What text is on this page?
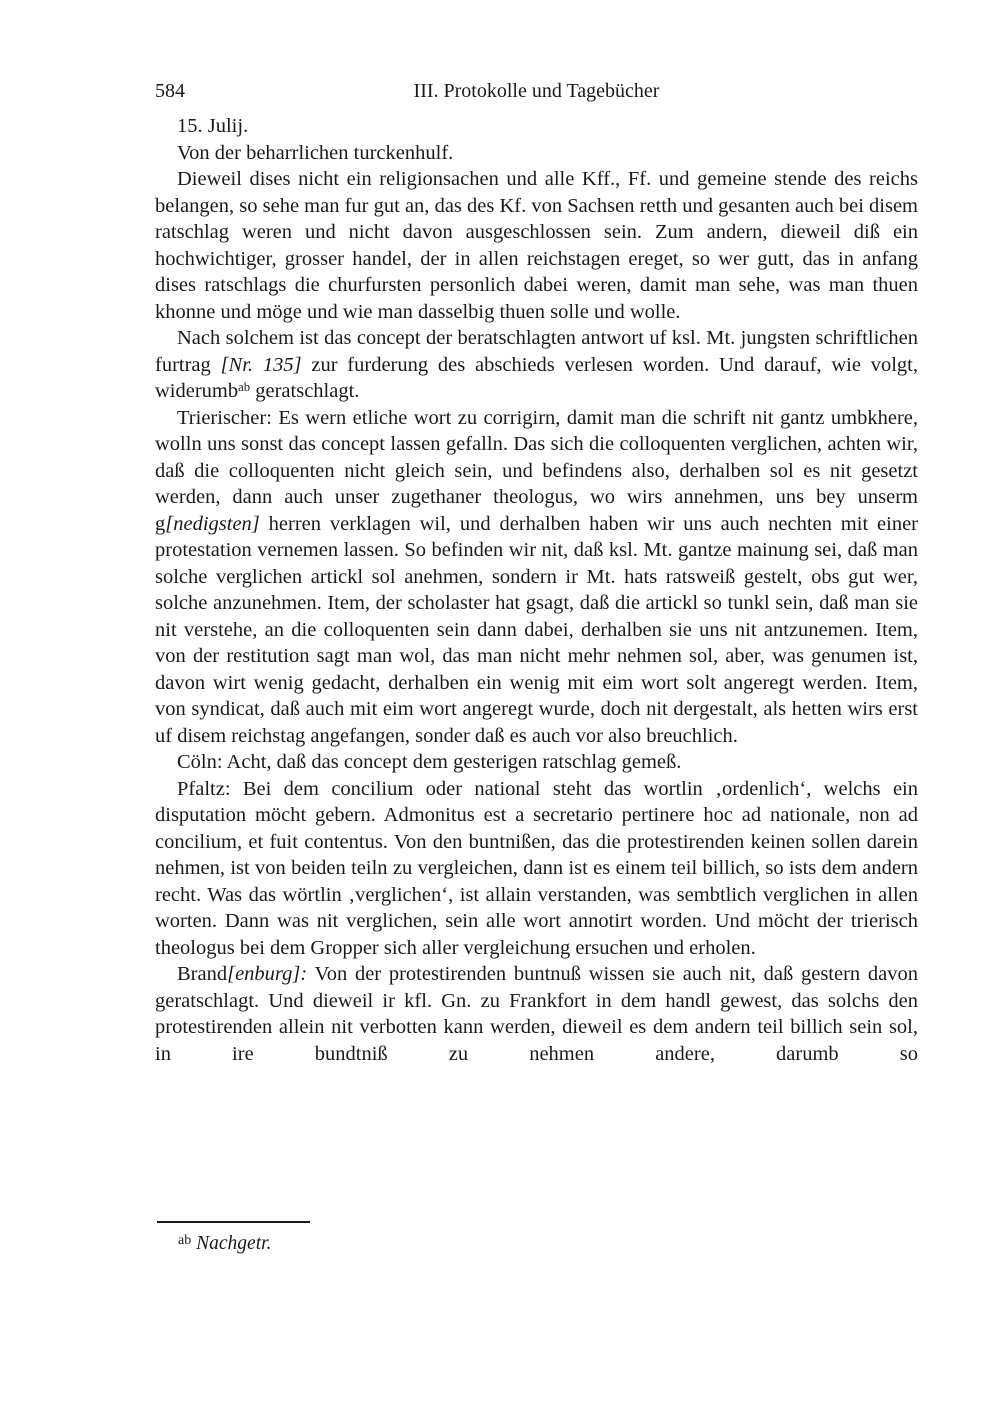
584	III. Protokolle und Tagebücher

15. Julij.

Von der beharrlichen turckenhulf.

Dieweil dises nicht ein religionsachen und alle Kff., Ff. und gemeine stende des reichs belangen, so sehe man fur gut an, das des Kf. von Sachsen retth und gesanten auch bei disem ratschlag weren und nicht davon ausgeschlossen sein. Zum andern, dieweil diß ein hochwichtiger, grosser handel, der in allen reichstagen ereget, so wer gutt, das in anfang dises ratschlags die churfursten personlich dabei weren, damit man sehe, was man thuen khonne und möge und wie man dasselbig thuen solle und wolle.

Nach solchem ist das concept der beratschlagten antwort uf ksl. Mt. jungsten schriftlichen furtrag [Nr. 135] zur furderung des abschieds verlesen worden. Und darauf, wie volgt, widerumb$^{ab}$ geratschlagt.

Trierischer: Es wern etliche wort zu corrigirn, damit man die schrift nit gantz umbkhere, wolln uns sonst das concept lassen gefalln. Das sich die colloquenten verglichen, achten wir, daß die colloquenten nicht gleich sein, und befindens also, derhalben sol es nit gesetzt werden, dann auch unser zugethaner theologus, wo wirs annehmen, uns bey unserm g[nedigsten] herren verklagen wil, und derhalben haben wir uns auch nechten mit einer protestation vernemen lassen. So befinden wir nit, daß ksl. Mt. gantze mainung sei, daß man solche verglichen artickl sol anehmen, sondern ir Mt. hats ratsweiß gestelt, obs gut wer, solche anzunehmen. Item, der scholaster hat gsagt, daß die artickl so tunkl sein, daß man sie nit verstehe, an die colloquenten sein dann dabei, derhalben sie uns nit antzunemen. Item, von der restitution sagt man wol, das man nicht mehr nehmen sol, aber, was genumen ist, davon wirt wenig gedacht, derhalben ein wenig mit eim wort solt angeregt werden. Item, von syndicat, daß auch mit eim wort angeregt wurde, doch nit dergestalt, als hetten wirs erst uf disem reichstag angefangen, sonder daß es auch vor also breuchlich.

Cöln: Acht, daß das concept dem gesterigen ratschlag gemeß.

Pfaltz: Bei dem concilium oder national steht das wortlin ‚ordenlich‘, welchs ein disputation möcht gebern. Admonitus est a secretario pertinere hoc ad nationale, non ad concilium, et fuit contentus. Von den buntnißen, das die protestirenden keinen sollen darein nehmen, ist von beiden teiln zu vergleichen, dann ist es einem teil billich, so ists dem andern recht. Was das wörtlin ‚verglichen‘, ist allain verstanden, was sembtlich verglichen in allen worten. Dann was nit verglichen, sein alle wort annotirt worden. Und möcht der trierisch theologus bei dem Gropper sich aller vergleichung ersuchen und erholen.

Brand[enburg]: Von der protestirenden buntnuß wissen sie auch nit, daß gestern davon geratschlagt. Und dieweil ir kfl. Gn. zu Frankfort in dem handl gewest, das solchs den protestirenden allein nit verbotten kann werden, dieweil es dem andern teil billich sein sol, in ire bundtniß zu nehmen andere, darumb so

$^{ab}$ Nachgetr.
